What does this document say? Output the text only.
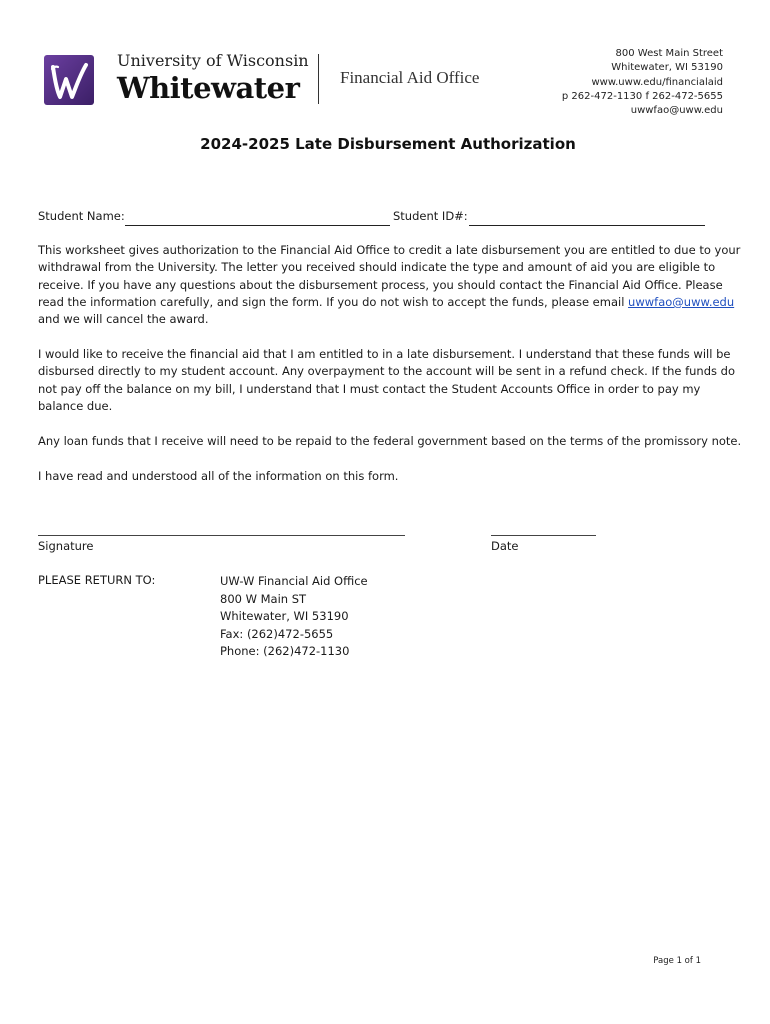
University of Wisconsin
Whitewater Financial Aid Office
800 West Main Street
Whitewater, WI 53190
www.uww.edu/financialaid
p 262-472-1130 f 262-472-5655
uwwfao@uww.edu
2024-2025 Late Disbursement Authorization
Student Name:	Student ID#:

This worksheet gives authorization to the Financial Aid Office to credit a late disbursement you are entitled to due to your withdrawal from the University. The letter you received should indicate the type and amount of aid you are eligible to receive. If you have any questions about the disbursement process, you should contact the Financial Aid Office. Please read the information carefully, and sign the form. If you do not wish to accept the funds, please email uwwfao@uww.edu and we will cancel the award.

I would like to receive the financial aid that I am entitled to in a late disbursement. I understand that these funds will be disbursed directly to my student account. Any overpayment to the account will be sent in a refund check. If the funds do not pay off the balance on my bill, I understand that I must contact the Student Accounts Office in order to pay my balance due.

Any loan funds that I receive will need to be repaid to the federal government based on the terms of the promissory note.

I have read and understood all of the information on this form.

Signature	Date
PLEASE RETURN TO:	UW-W Financial Aid Office
800 W Main ST
Whitewater, WI 53190
Fax: (262)472-5655
Phone: (262)472-1130
Page 1 of 1
